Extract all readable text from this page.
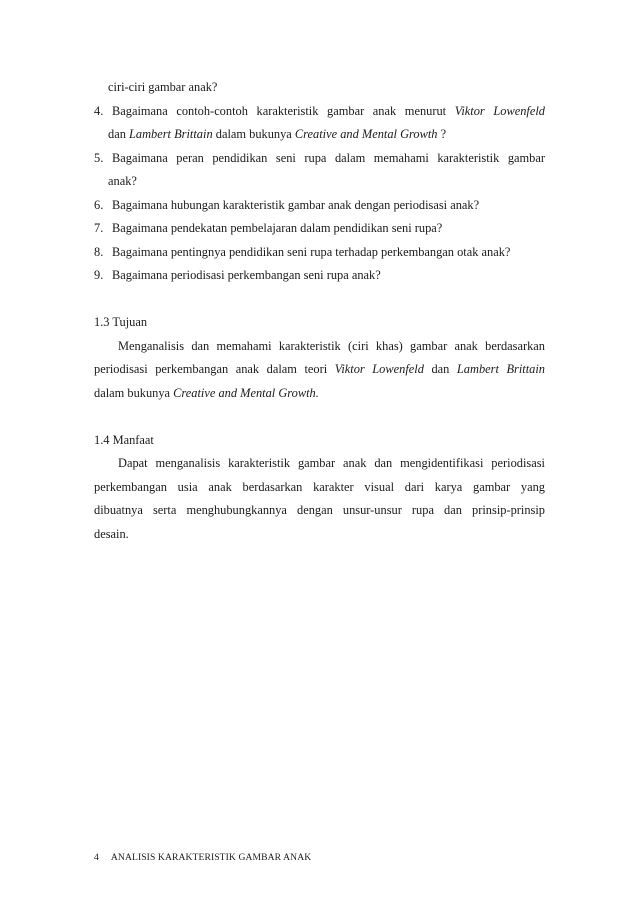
ciri-ciri gambar anak?
4. Bagaimana contoh-contoh karakteristik gambar anak menurut Viktor Lowenfeld
dan Lambert Brittain dalam bukunya Creative and Mental Growth ?
5. Bagaimana peran pendidikan seni rupa dalam memahami karakteristik gambar
anak?
6. Bagaimana hubungan karakteristik gambar anak dengan periodisasi anak?
7. Bagaimana pendekatan pembelajaran dalam pendidikan seni rupa?
8. Bagaimana pentingnya pendidikan seni rupa terhadap perkembangan otak anak?
9. Bagaimana periodisasi perkembangan seni rupa anak?
1.3 Tujuan
Menganalisis dan memahami karakteristik (ciri khas) gambar anak berdasarkan
periodisasi perkembangan anak dalam teori Viktor Lowenfeld dan Lambert Brittain
dalam bukunya Creative and Mental Growth.
1.4 Manfaat
Dapat menganalisis karakteristik gambar anak dan mengidentifikasi periodisasi
perkembangan usia anak berdasarkan karakter visual dari karya gambar yang
dibuatnya serta menghubungkannya dengan unsur-unsur rupa dan prinsip-prinsip
desain.
4 ANALISIS KARAKTERISTIK GAMBAR ANAK
